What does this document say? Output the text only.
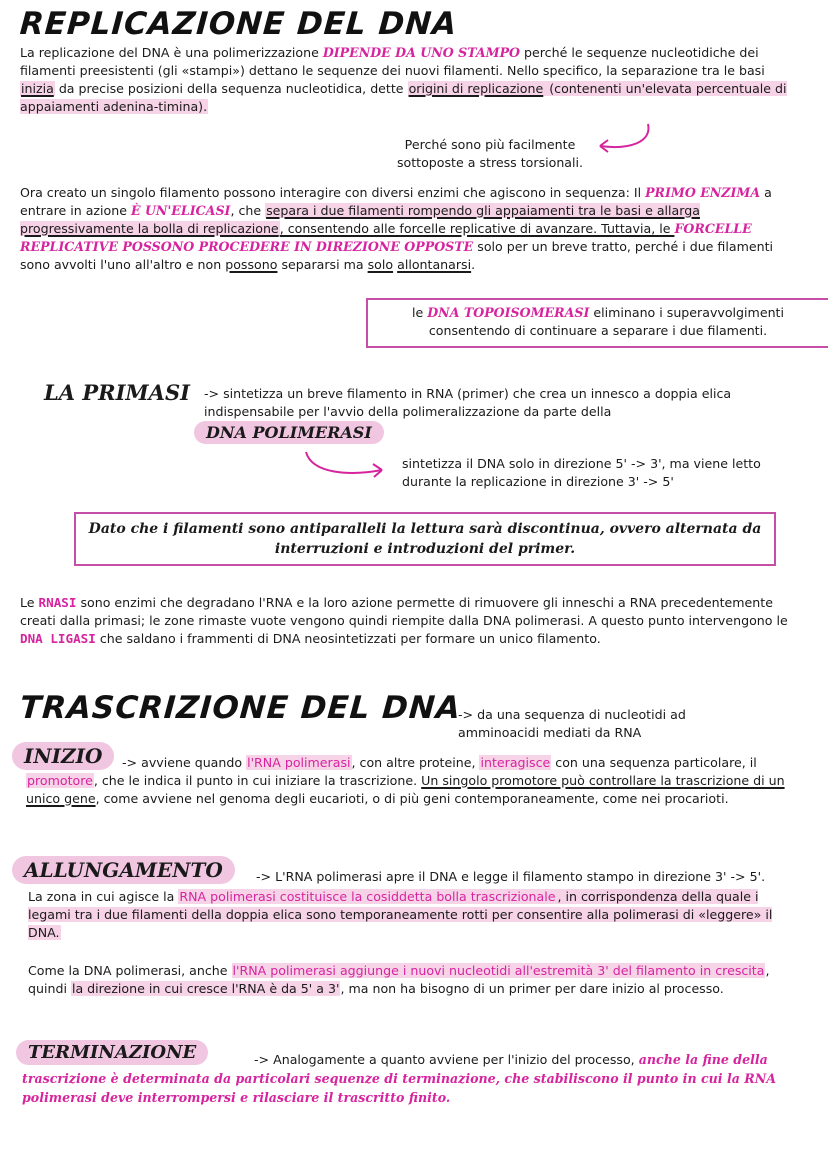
REPLICAZIONE DEL DNA

La replicazione del DNA è una polimerizzazione DIPENDE DA UNO STAMPO perché le sequenze nucleotidiche dei filamenti preesistenti (gli «stampi») dettano le sequenze dei nuovi filamenti. Nello specifico, la separazione tra le basi inizia da precise posizioni della sequenza nucleotidica, dette origini di replicazione (contenenti un'elevata percentuale di appaiamenti adenina-timina).

Perché sono più facilmente sottoposte a stress torsionali.

Ora creato un singolo filamento possono interagire con diversi enzimi che agiscono in sequenza: Il PRIMO ENZIMA a entrare in azione È UN'ELICASI, che separa i due filamenti rompendo gli appaiamenti tra le basi e allarga progressivamente la bolla di replicazione, consentendo alle forcelle replicative di avanzare. Tuttavia, le FORCELLE REPLICATIVE POSSONO PROCEDERE IN DIREZIONE OPPOSTE solo per un breve tratto, perché i due filamenti sono avvolti l'uno all'altro e non possono separarsi ma solo allontanarsi.

le DNA TOPOISOMERASI eliminano i superavvolgimenti consentendo di continuare a separare i due filamenti.

LA PRIMASI -> sintetizza un breve filamento in RNA (primer) che crea un innesco a doppia elica indispensabile per l'avvio della polimeralizzazione da parte della

DNA POLIMERASI

sintetizza il DNA solo in direzione 5' -> 3', ma viene letto durante la replicazione in direzione 3' -> 5'

Dato che i filamenti sono antiparalleli la lettura sarà discontinua, ovvero alternata da interruzioni e introduzioni del primer.

Le RNASI sono enzimi che degradano l'RNA e la loro azione permette di rimuovere gli inneschi a RNA precedentemente creati dalla primasi; le zone rimaste vuote vengono quindi riempite dalla DNA polimerasi. A questo punto intervengono le DNA LIGASI che saldano i frammenti di DNA neosintetizzati per formare un unico filamento.

TRASCRIZIONE DEL DNA

-> da una sequenza di nucleotidi ad amminoacidi mediati da RNA

INIZIO	-> avviene quando l'RNA polimerasi, con altre proteine, interagisce con una sequenza particolare, il promotore, che le indica il punto in cui iniziare la trascrizione. Un singolo promotore può controllare la trascrizione di un unico gene, come avviene nel genoma degli eucarioti, o di più geni contemporaneamente, come nei procarioti.

ALLUNGAMENTO	-> L'RNA polimerasi apre il DNA e legge il filamento stampo in direzione 3' -> 5'.

La zona in cui agisce la RNA polimerasi costituisce la cosiddetta bolla trascrizionale , in corrispondenza della quale i legami tra i due filamenti della doppia elica sono temporaneamente rotti per consentire alla polimerasi di «leggere» il DNA.

Come la DNA polimerasi, anche l'RNA polimerasi aggiunge i nuovi nucleotidi all'estremità 3' del filamento in crescita, quindi la direzione in cui cresce l'RNA è da 5' a 3', ma non ha bisogno di un primer per dare inizio al processo.

TERMINAZIONE	-> Analogamente a quanto avviene per l'inizio del processo, anche la fine della trascrizione è determinata da particolari sequenze di terminazione, che stabiliscono il punto in cui la RNA polimerasi deve interrompersi e rilasciare il trascritto finito.
